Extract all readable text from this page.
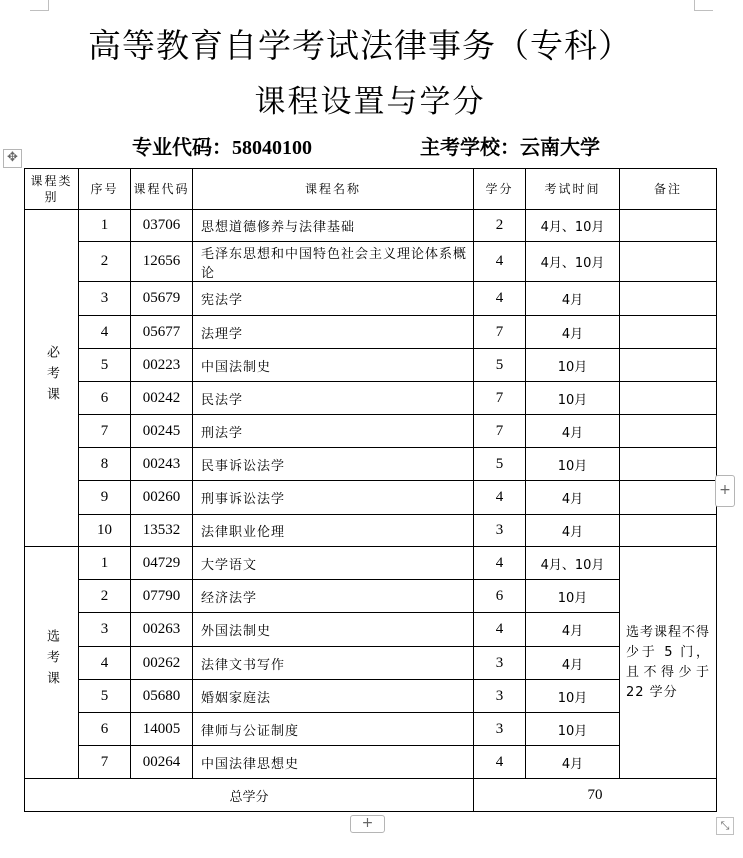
高等教育自学考试法律事务（专科）
课程设置与学分
专业代码：58040100	主考学校：云南大学
✥
课程类别	序号	课程代码	课程名称	学分	考试时间	备注
必考课	1	03706	思想道德修养与法律基础	2	4月、10月	
	2	12656	毛泽东思想和中国特色社会主义理论体系概论	4	4月、10月	
	3	05679	宪法学	4	4月	
	4	05677	法理学	7	4月	
	5	00223	中国法制史	5	10月	
	6	00242	民法学	7	10月	
	7	00245	刑法学	7	4月	
	8	00243	民事诉讼法学	5	10月	
	9	00260	刑事诉讼法学	4	4月	
	10	13532	法律职业伦理	3	4月	
选考课	1	04729	大学语文	4	4月、10月	选考课程不得少于 5 门，且不得少于 22 学分
	2	07790	经济法学	6	10月	
	3	00263	外国法制史	4	4月	
	4	00262	法律文书写作	3	4月	
	5	05680	婚姻家庭法	3	10月	
	6	14005	律师与公证制度	3	10月	
	7	00264	中国法律思想史	4	4月	
总学分				70		
+
+	⤡
